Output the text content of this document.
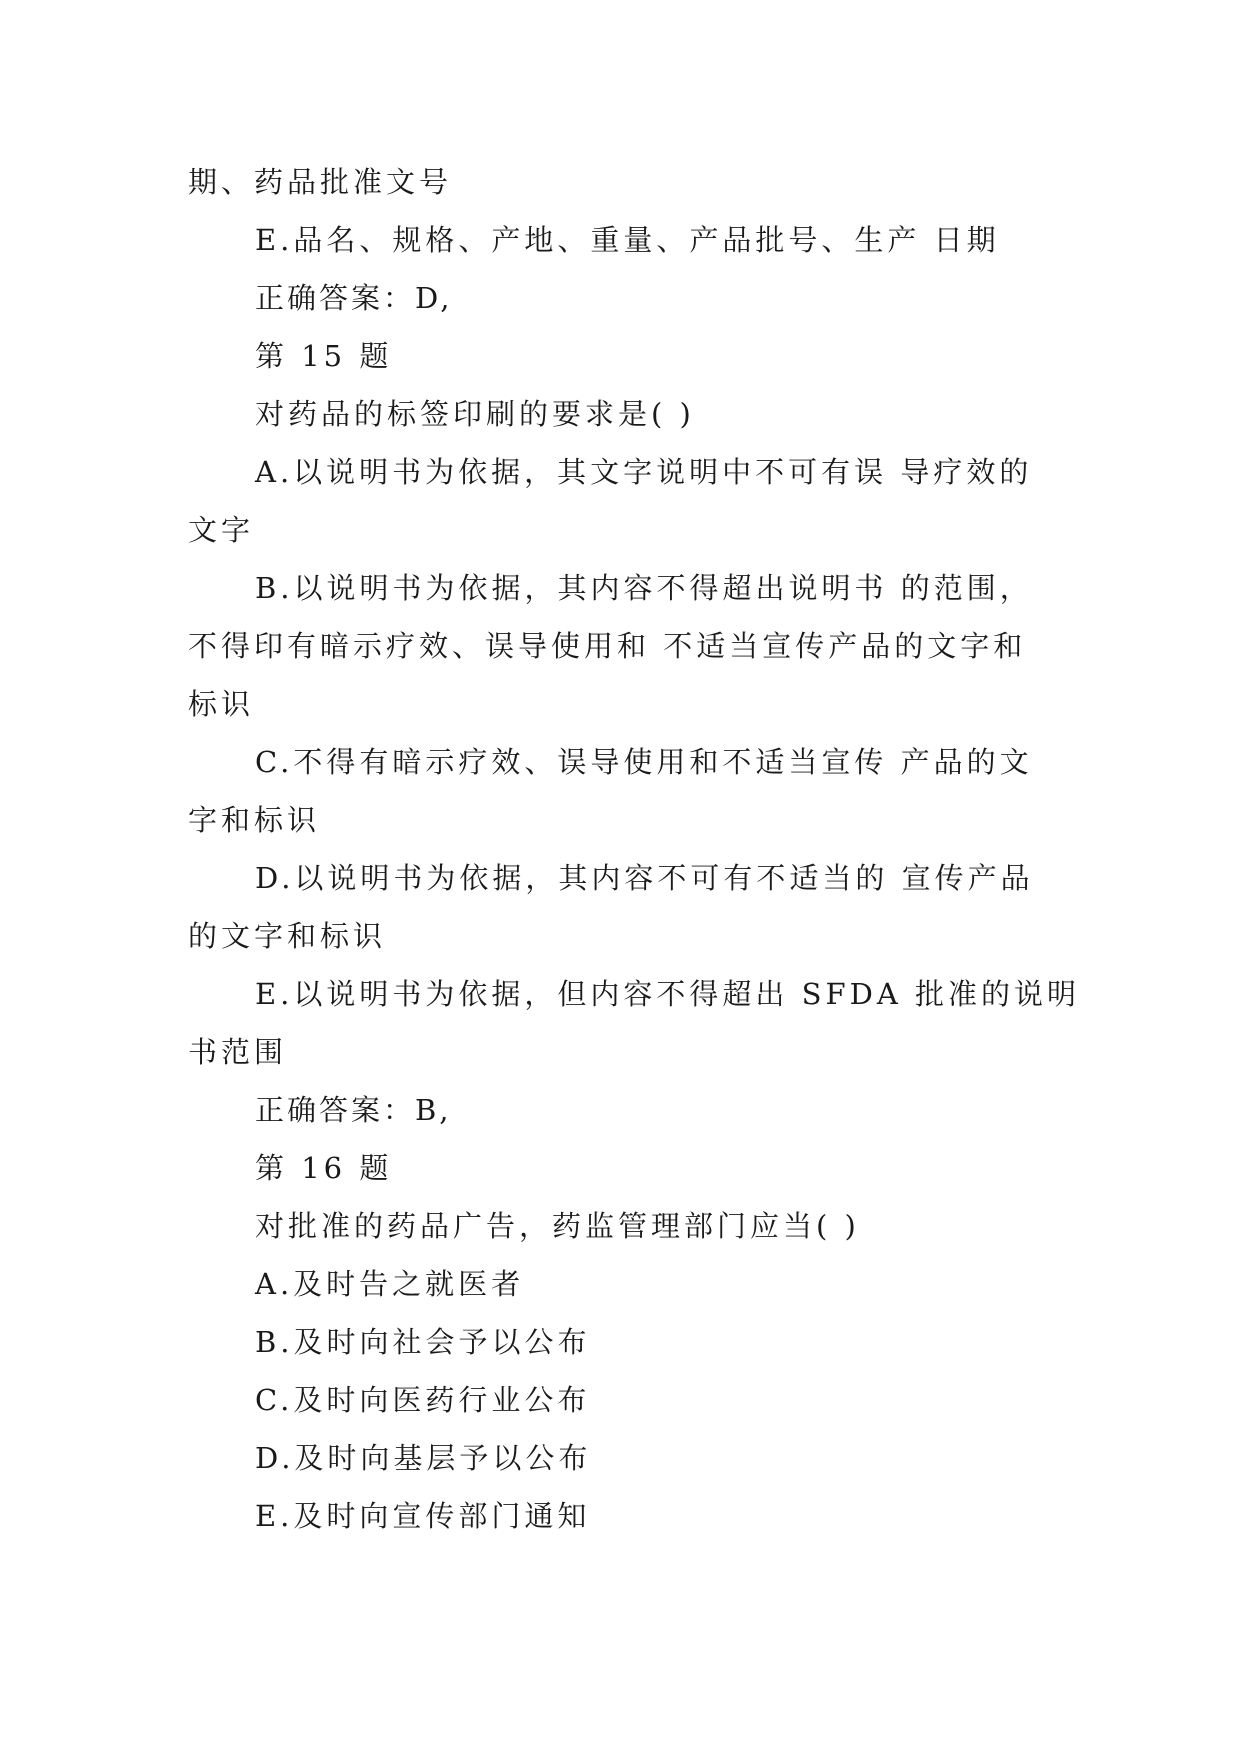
期、药品批准文号
E.品名、规格、产地、重量、产品批号、生产 日期
正确答案：D,
第 15 题
对药品的标签印刷的要求是( )
A.以说明书为依据，其文字说明中不可有误 导疗效的
文字
B.以说明书为依据，其内容不得超出说明书 的范围，
不得印有暗示疗效、误导使用和 不适当宣传产品的文字和
标识
C.不得有暗示疗效、误导使用和不适当宣传 产品的文
字和标识
D.以说明书为依据，其内容不可有不适当的 宣传产品
的文字和标识
E.以说明书为依据，但内容不得超出 SFDA 批准的说明
书范围
正确答案：B,
第 16 题
对批准的药品广告，药监管理部门应当( )
A.及时告之就医者
B.及时向社会予以公布
C.及时向医药行业公布
D.及时向基层予以公布
E.及时向宣传部门通知
